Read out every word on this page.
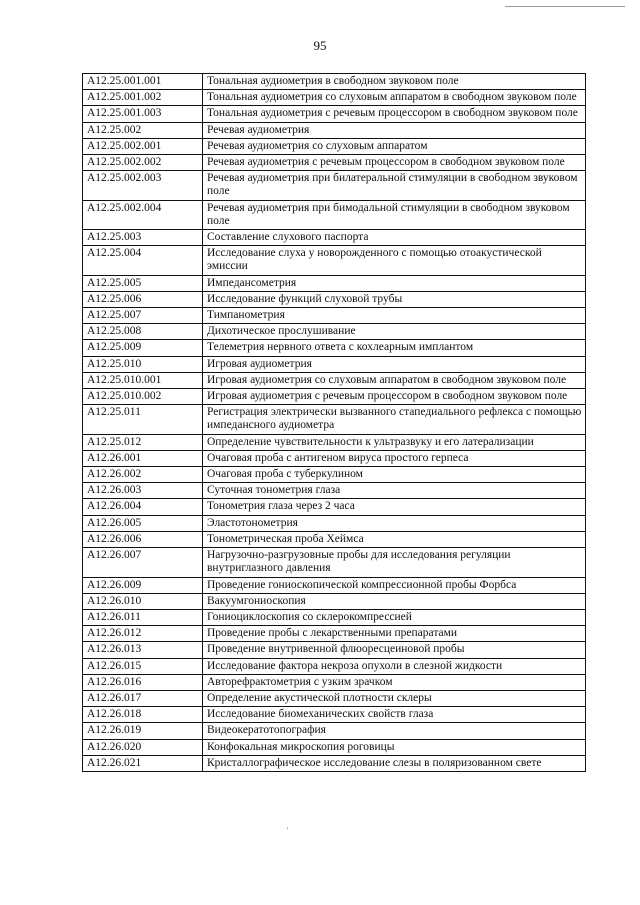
95
A12.25.001.001	Тональная аудиометрия в свободном звуковом поле
A12.25.001.002	Тональная аудиометрия со слуховым аппаратом в свободном звуковом поле
A12.25.001.003	Тональная аудиометрия с речевым процессором в свободном звуковом поле
A12.25.002	Речевая аудиометрия
A12.25.002.001	Речевая аудиометрия со слуховым аппаратом
A12.25.002.002	Речевая аудиометрия с речевым процессором в свободном звуковом поле
A12.25.002.003	Речевая аудиометрия при билатеральной стимуляции в свободном звуковом поле
A12.25.002.004	Речевая аудиометрия при бимодальной стимуляции в свободном звуковом поле
A12.25.003	Составление слухового паспорта
A12.25.004	Исследование слуха у новорожденного с помощью отоакустической эмиссии
A12.25.005	Импедансометрия
A12.25.006	Исследование функций слуховой трубы
A12.25.007	Тимпанометрия
A12.25.008	Дихотическое прослушивание
A12.25.009	Телеметрия нервного ответа с кохлеарным имплантом
A12.25.010	Игровая аудиометрия
A12.25.010.001	Игровая аудиометрия со слуховым аппаратом в свободном звуковом поле
A12.25.010.002	Игровая аудиометрия с речевым процессором в свободном звуковом поле
A12.25.011	Регистрация электрически вызванного стапедиального рефлекса с помощью импедансного аудиометра
A12.25.012	Определение чувствительности к ультразвуку и его латерализации
A12.26.001	Очаговая проба с антигеном вируса простого герпеса
A12.26.002	Очаговая проба с туберкулином
A12.26.003	Суточная тонометрия глаза
A12.26.004	Тонометрия глаза через 2 часа
A12.26.005	Эластотонометрия
A12.26.006	Тонометрическая проба Хеймса
A12.26.007	Нагрузочно-разгрузовные пробы для исследования регуляции внутриглазного давления
A12.26.009	Проведение гониоскопической компрессионной пробы Форбса
A12.26.010	Вакуумгониоскопия
A12.26.011	Гониоциклоскопия со склерокомпрессией
A12.26.012	Проведение пробы с лекарственными препаратами
A12.26.013	Проведение внутривенной флюоресцеиновой пробы
A12.26.015	Исследование фактора некроза опухоли в слезной жидкости
A12.26.016	Авторефрактометрия с узким зрачком
A12.26.017	Определение акустической плотности склеры
A12.26.018	Исследование биомеханических свойств глаза
A12.26.019	Видеокератотопография
A12.26.020	Конфокальная микроскопия роговицы
A12.26.021	Кристаллографическое исследование слезы в поляризованном свете
'
